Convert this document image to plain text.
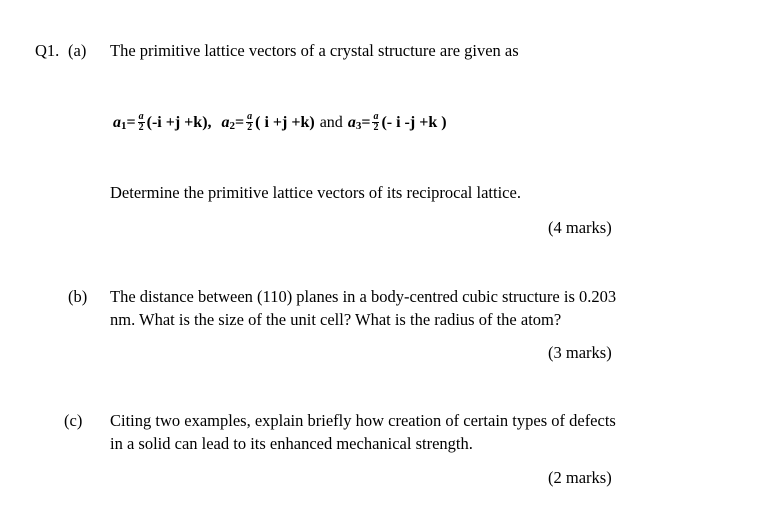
Q1. (a) The primitive lattice vectors of a crystal structure are given as
a $1 = \frac{a}{2} (-i +j +k)$ , a $2 = \frac{a}{2}$ ( i +j +k) and a $3 = \frac{a}{2}$ (- i -j +k )
Determine the primitive lattice vectors of its reciprocal lattice.
(4 marks)
(b) The distance between (110) planes in a body-centred cubic structure is 0.203
nm. What is the size of the unit cell? What is the radius of the atom?
(3 marks)
(c) Citing two examples, explain briefly how creation of certain types of defects
in a solid can lead to its enhanced mechanical strength.
(2 marks)
